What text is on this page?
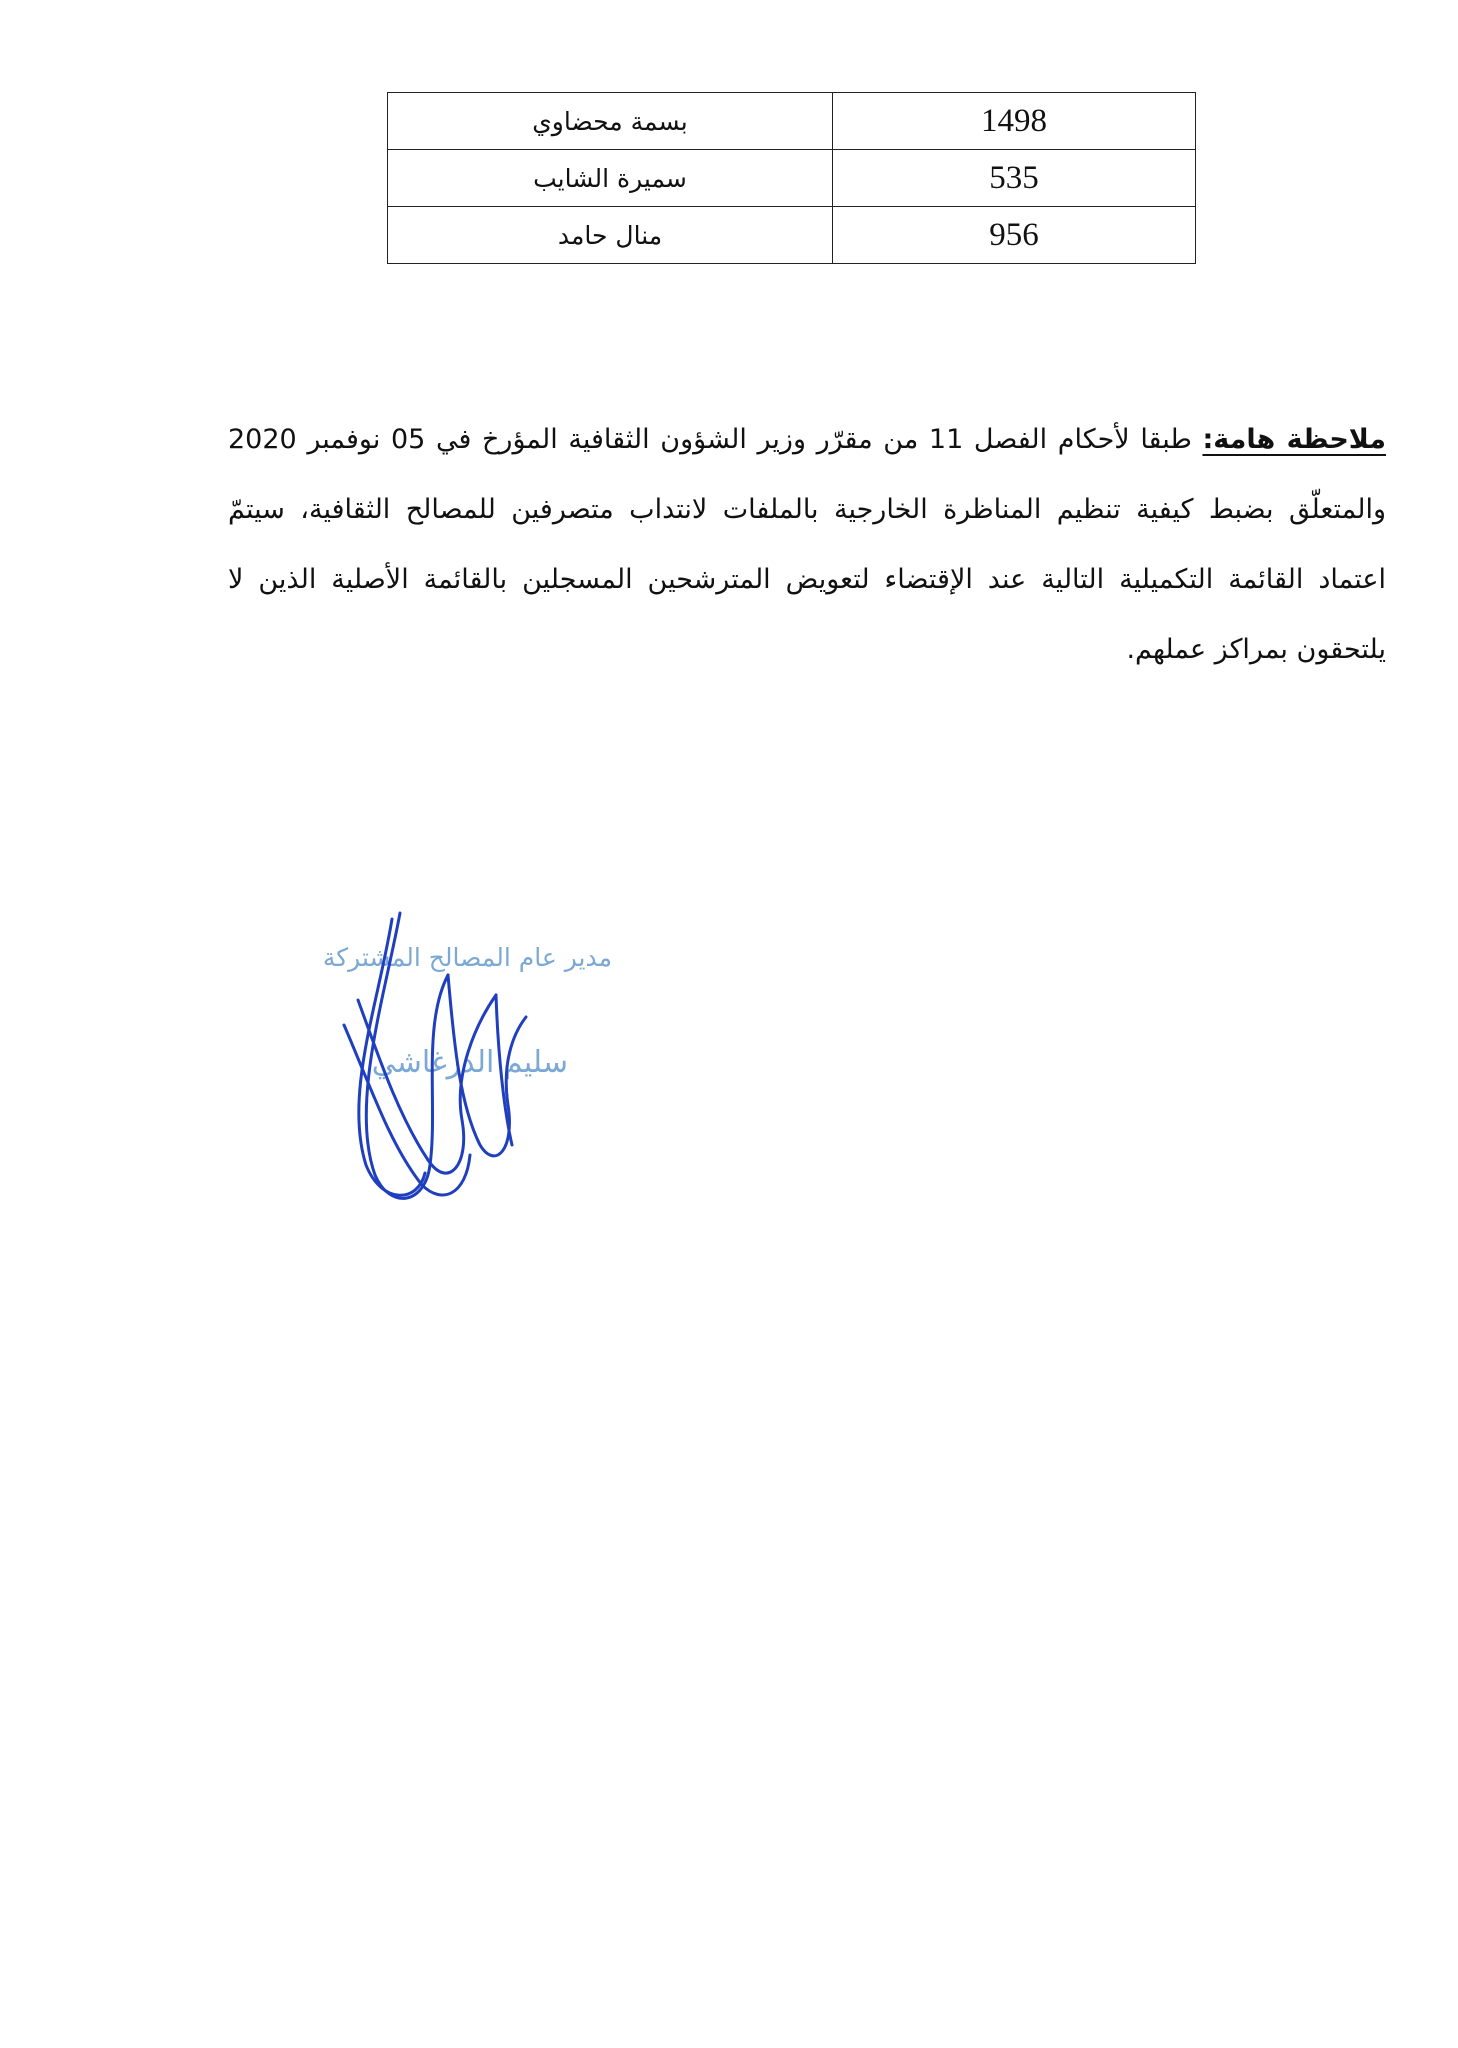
بسمة محضاوي	1498
سميرة الشايب	535
منال حامد	956

ملاحظة هامة: طبقا لأحكام الفصل 11 من مقرّر وزير الشؤون الثقافية المؤرخ في 05 نوفمبر 2020 والمتعلّق بضبط كيفية تنظيم المناظرة الخارجية بالملفات لانتداب متصرفين للمصالح الثقافية، سيتمّ اعتماد القائمة التكميلية التالية عند الإقتضاء لتعويض المترشحين المسجلين بالقائمة الأصلية الذين لا يلتحقون بمراكز عملهم.

مدير عام المصالح المشتركة
سليم الدرغاشي
